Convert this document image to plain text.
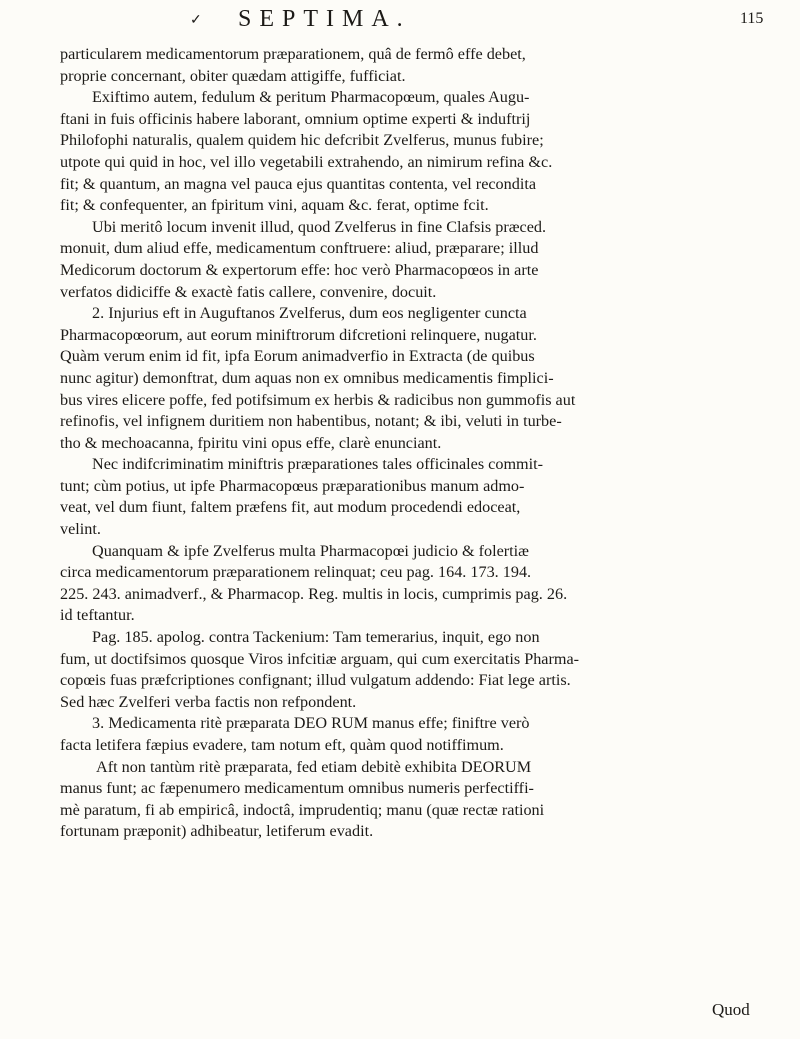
✓ SEPTIMA.	115
particularem medicamentorum præparationem, quâ de fermô effe debet,
proprie concernant, obiter quædam attigiffe, fufficiat.
Exiftimo autem, fedulum & peritum Pharmacopœum, quales Augu-
ftani in fuis officinis habere laborant, omnium optime experti & induftrij
Philofophi naturalis, qualem quidem hic defcribit Zvelferus, munus fubire;
utpote qui quid in hoc, vel illo vegetabili extrahendo, an nimirum refina &c.
fit; & quantum, an magna vel pauca ejus quantitas contenta, vel recondita
fit; & confequenter, an fpiritum vini, aquam &c. ferat, optime fcit.
Ubi meritô locum invenit illud, quod Zvelferus in fine Clafsis præced.
monuit, dum aliud effe, medicamentum conftruere: aliud, præparare; illud
Medicorum doctorum & expertorum effe: hoc verò Pharmacopœos in arte
verfatos didiciffe & exactè fatis callere, convenire, docuit.
2. Injurius eft in Auguftanos Zvelferus, dum eos negligenter cuncta
Pharmacopœorum, aut eorum miniftrorum difcretioni relinquere, nugatur.
Quàm verum enim id fit, ipfa Eorum animadverfio in Extracta (de quibus
nunc agitur) demonftrat, dum aquas non ex omnibus medicamentis fimplici-
bus vires elicere poffe, fed potifsimum ex herbis & radicibus non gummofis aut
refinofis, vel infignem duritiem non habentibus, notant; & ibi, veluti in turbe-
tho & mechoacanna, fpiritu vini opus effe, clarè enunciant.
Nec indifcriminatim miniftris præparationes tales officinales commit-
tunt; cùm potius, ut ipfe Pharmacopœus præparationibus manum admo-
veat, vel dum fiunt, faltem præfens fit, aut modum procedendi edoceat,
velint.
Quanquam & ipfe Zvelferus multa Pharmacopœi judicio & folertiæ
circa medicamentorum præparationem relinquat; ceu pag. 164. 173. 194.
225. 243. animadverf., & Pharmacop. Reg. multis in locis, cumprimis pag. 26.
id teftantur.
Pag. 185. apolog. contra Tackenium: Tam temerarius, inquit, ego non
fum, ut doctifsimos quosque Viros infcitiæ arguam, qui cum exercitatis Pharma-
copœis fuas præfcriptiones confignant; illud vulgatum addendo: Fiat lege artis.
Sed hæc Zvelferi verba factis non refpondent.
3. Medicamenta ritè præparata DEO RUM manus effe; finiftre verò
facta letifera fæpius evadere, tam notum eft, quàm quod notiffimum.
Aft non tantùm ritè præparata, fed etiam debitè exhibita DEORUM
manus funt; ac fæpenumero medicamentum omnibus numeris perfectiffi-
mè paratum, fi ab empiricâ, indoctâ, imprudentiq; manu (quæ rectæ rationi
fortunam præponit) adhibeatur, letiferum evadit.
Quod
